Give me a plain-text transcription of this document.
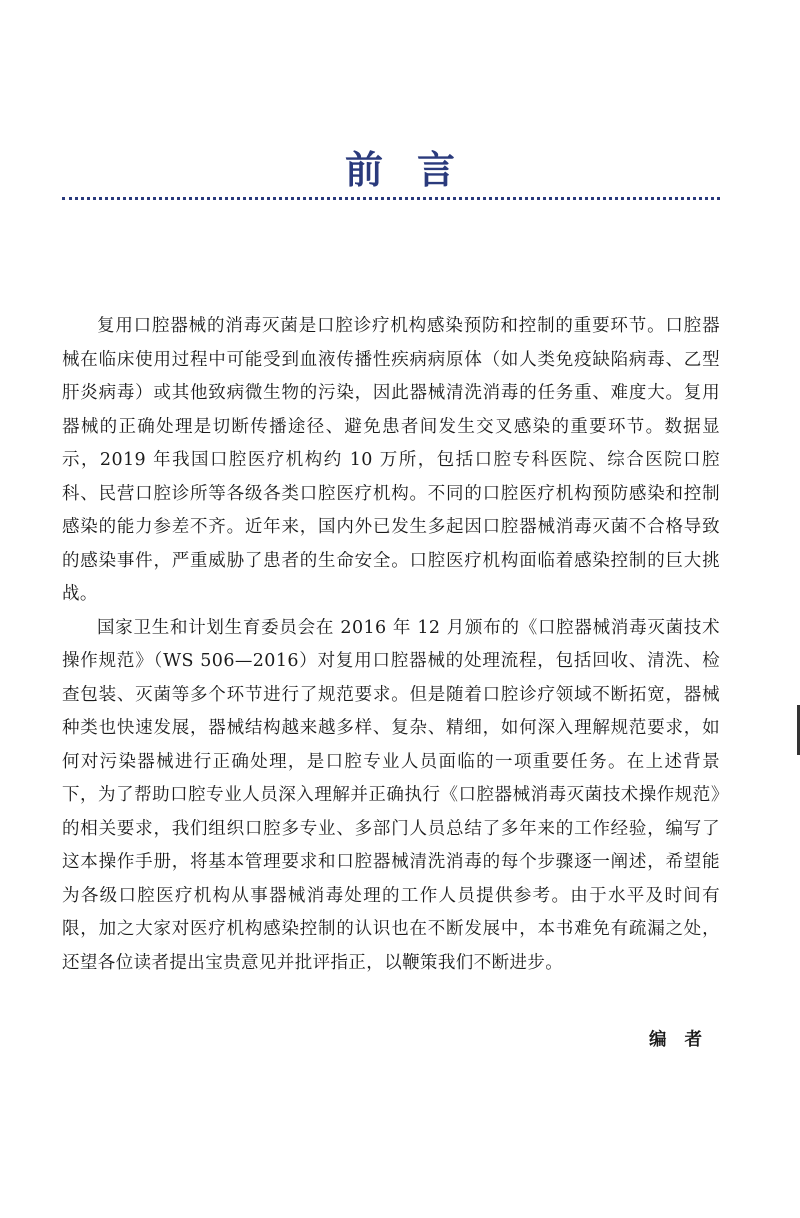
前言

复用口腔器械的消毒灭菌是口腔诊疗机构感染预防和控制的重要环节。口腔器械在临床使用过程中可能受到血液传播性疾病病原体（如人类免疫缺陷病毒、乙型肝炎病毒）或其他致病微生物的污染，因此器械清洗消毒的任务重、难度大。复用器械的正确处理是切断传播途径、避免患者间发生交叉感染的重要环节。数据显示，2019 年我国口腔医疗机构约 10 万所，包括口腔专科医院、综合医院口腔科、民营口腔诊所等各级各类口腔医疗机构。不同的口腔医疗机构预防感染和控制感染的能力参差不齐。近年来，国内外已发生多起因口腔器械消毒灭菌不合格导致的感染事件，严重威胁了患者的生命安全。口腔医疗机构面临着感染控制的巨大挑战。

国家卫生和计划生育委员会在 2016 年 12 月颁布的《口腔器械消毒灭菌技术操作规范》（WS 506—2016）对复用口腔器械的处理流程，包括回收、清洗、检查包装、灭菌等多个环节进行了规范要求。但是随着口腔诊疗领域不断拓宽，器械种类也快速发展，器械结构越来越多样、复杂、精细，如何深入理解规范要求，如何对污染器械进行正确处理，是口腔专业人员面临的一项重要任务。在上述背景下，为了帮助口腔专业人员深入理解并正确执行《口腔器械消毒灭菌技术操作规范》的相关要求，我们组织口腔多专业、多部门人员总结了多年来的工作经验，编写了这本操作手册，将基本管理要求和口腔器械清洗消毒的每个步骤逐一阐述，希望能为各级口腔医疗机构从事器械消毒处理的工作人员提供参考。由于水平及时间有限，加之大家对医疗机构感染控制的认识也在不断发展中，本书难免有疏漏之处，还望各位读者提出宝贵意见并批评指正，以鞭策我们不断进步。

编者
